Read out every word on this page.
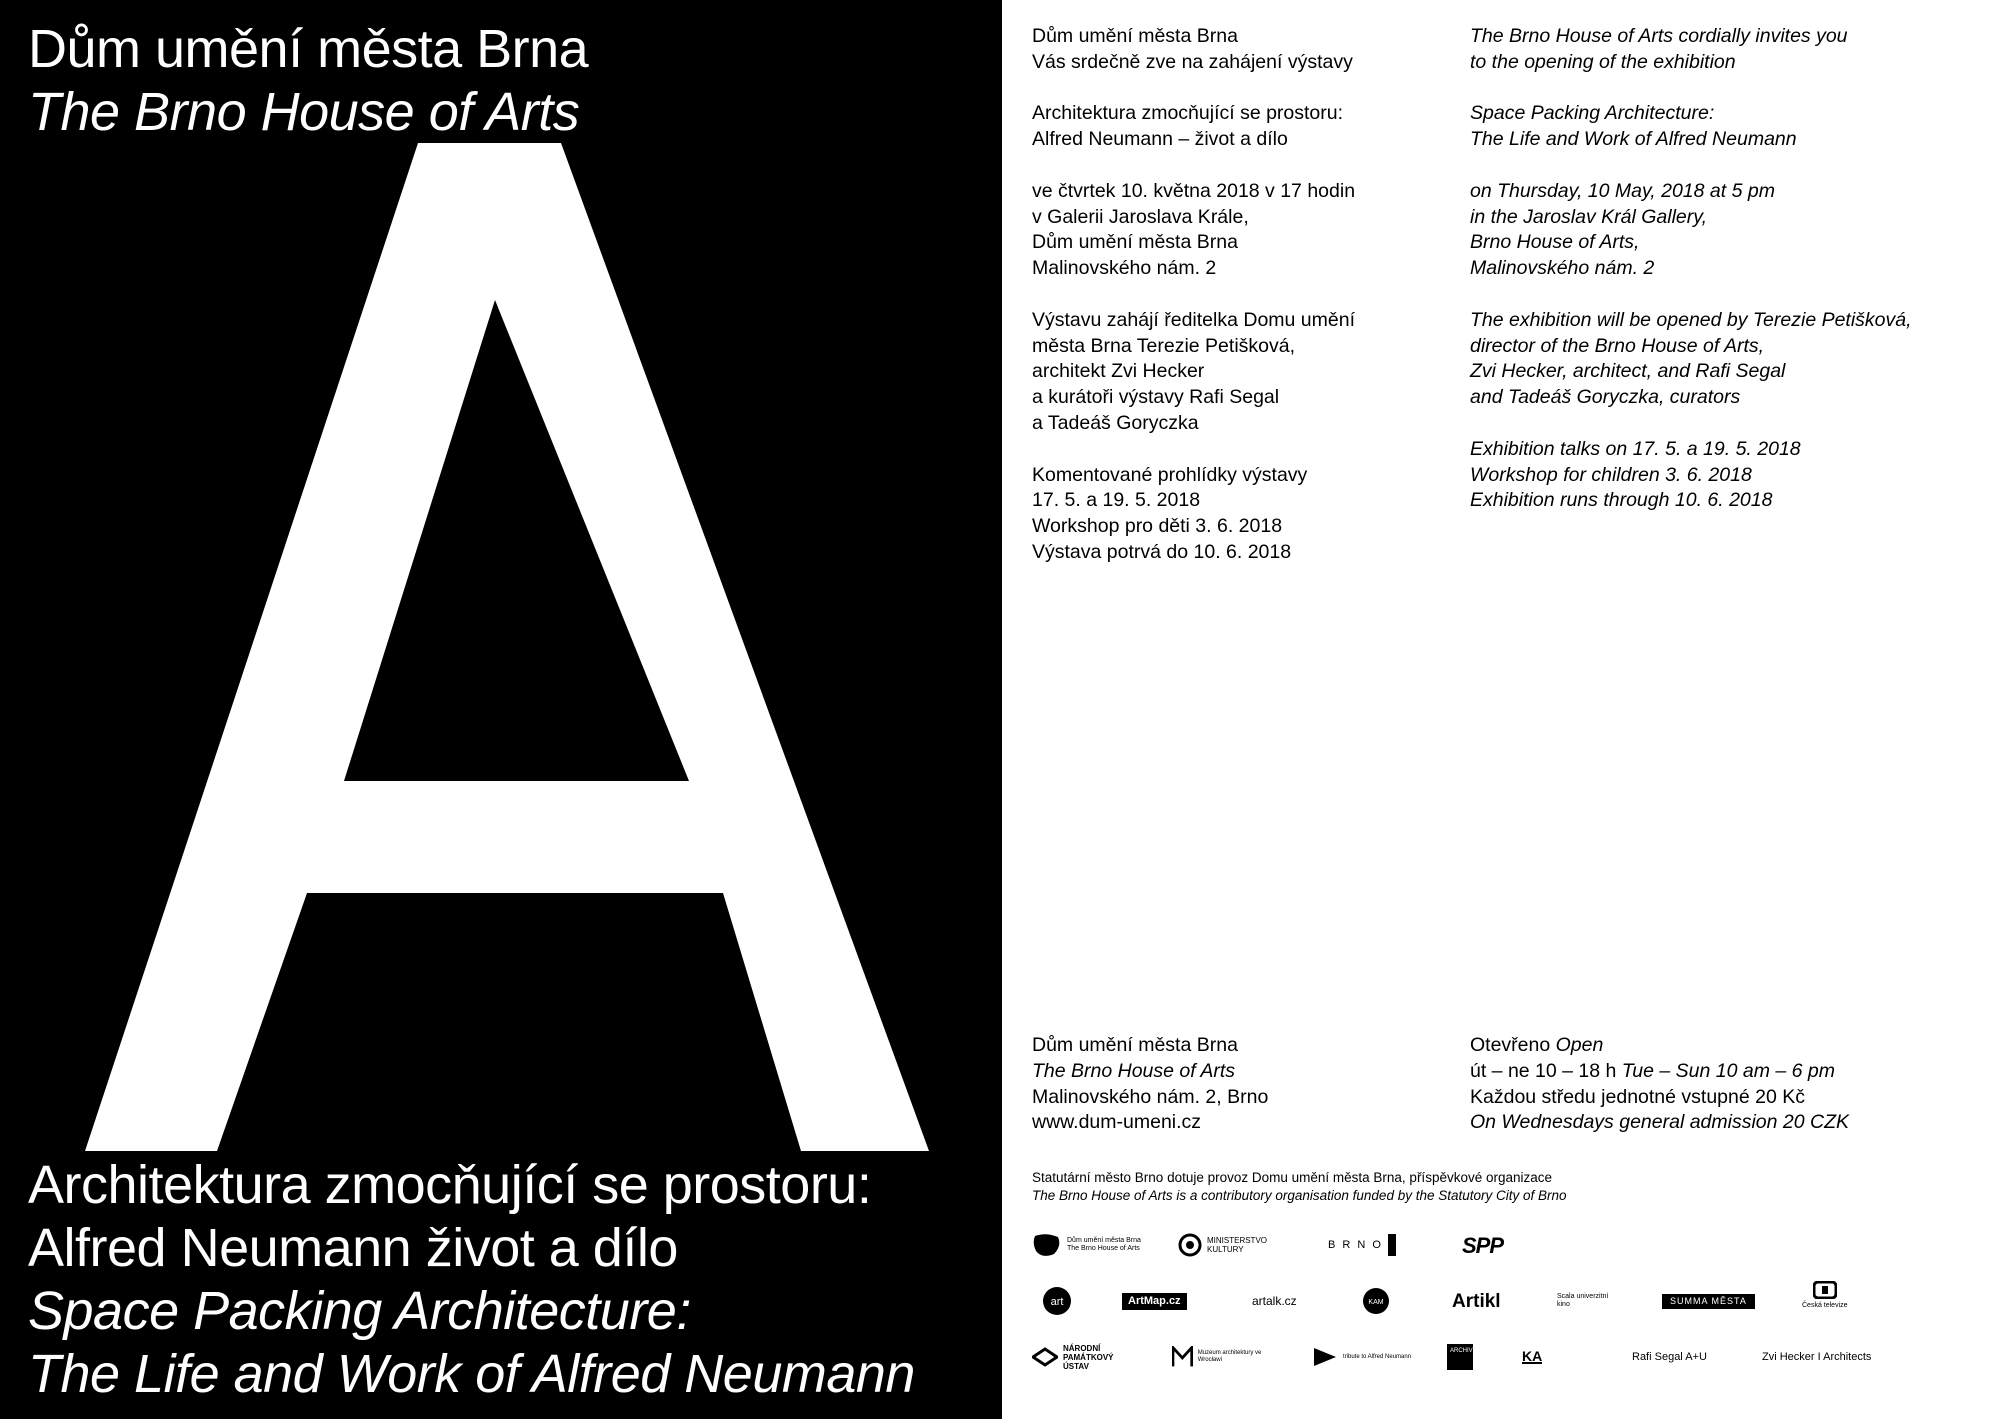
Dům umění města Brna
The Brno House of Arts
Architektura zmocňující se prostoru:
Alfred Neumann život a dílo
Space Packing Architecture:
The Life and Work of Alfred Neumann

Dům umění města Brna
Vás srdečně zve na zahájení výstavy

Architektura zmocňující se prostoru:
Alfred Neumann – život a dílo

ve čtvrtek 10. května 2018 v 17 hodin
v Galerii Jaroslava Krále,
Dům umění města Brna
Malinovského nám. 2

Výstavu zahájí ředitelka Domu umění
města Brna Terezie Petišková,
architekt Zvi Hecker
a kurátoři výstavy Rafi Segal
a Tadeáš Goryczka

Komentované prohlídky výstavy
17. 5. a 19. 5. 2018
Workshop pro děti 3. 6. 2018
Výstava potrvá do 10. 6. 2018

The Brno House of Arts cordially invites you
to the opening of the exhibition

Space Packing Architecture:
The Life and Work of Alfred Neumann

on Thursday, 10 May, 2018 at 5 pm
in the Jaroslav Král Gallery,
Brno House of Arts,
Malinovského nám. 2

The exhibition will be opened by Terezie Petišková,
director of the Brno House of Arts,
Zvi Hecker, architect, and Rafi Segal
and Tadeáš Goryczka, curators

Exhibition talks on 17. 5. a 19. 5. 2018
Workshop for children 3. 6. 2018
Exhibition runs through 10. 6. 2018

Dům umění města Brna
The Brno House of Arts
Malinovského nám. 2, Brno
www.dum-umeni.cz
Otevřeno Open
út – ne 10 – 18 h Tue – Sun 10 am – 6 pm
Každou středu jednotné vstupné 20 Kč
On Wednesdays general admission 20 CZK
Statutární město Brno dotuje provoz Domu umění města Brna, příspěvkové organizace
The Brno House of Arts is a contributory organisation funded by the Statutory City of Brno
Dům umění města Brna
The Brno House of Arts
MINISTERSTVO
KULTURY	B R N O	SPP
art	ArtMap.cz	artalk.cz	KAM	Artikl	Scala univerzitní kino	SUMMA MĚSTA	Česká televize
NÁRODNÍ
PAMÁTKOVÝ
ÚSTAV
Muzeum architektury ve Wrocławi
tribute to Alfred Neumann
ARCHIV	KA	Rafi Segal A+U	Zvi Hecker I Architects
